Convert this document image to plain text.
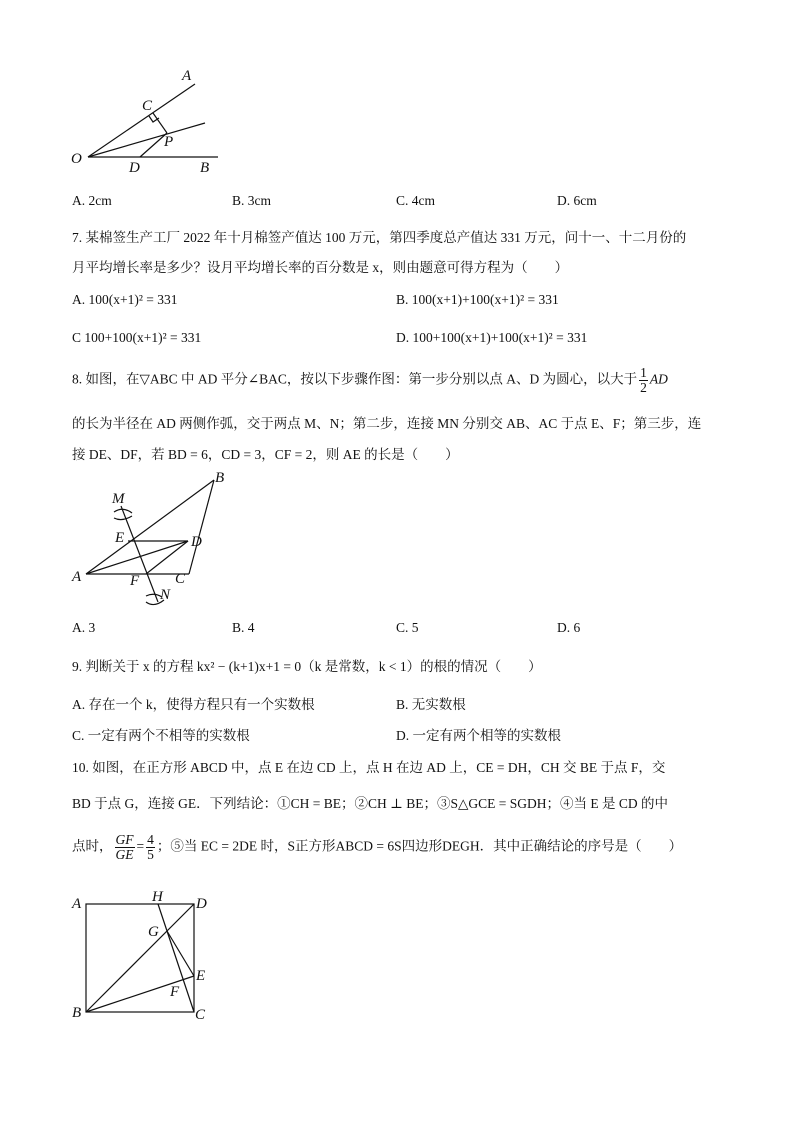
A
C
P
O
D	B
A. 2cm	B. 3cm	C. 4cm	D. 6cm
7. 某棉签生产工厂 2022 年十月棉签产值达 100 万元，第四季度总产值达 331 万元，问十一、十二月份的
月平均增长率是多少？设月平均增长率的百分数是 x，则由题意可得方程为（　　）
A. 100(x+1)² = 331	B. 100(x+1)+100(x+1)² = 331
C 100+100(x+1)² = 331	D. 100+100(x+1)+100(x+1)² = 331
8. 如图，在▽ABC 中 AD 平分∠BAC，按以下步骤作图：第一步分别以点 A、D 为圆心，以大于 $\frac{1}{2}$ AD
的长为半径在 AD 两侧作弧，交于两点 M、N；第二步，连接 MN 分别交 AB、AC 于点 E、F；第三步，连
接 DE、DF，若 BD = 6，CD = 3，CF = 2，则 AE 的长是（　　）
M
B
E	D
A	F C
N
A. 3	B. 4	C. 5	D. 6
9. 判断关于 x 的方程 kx² − (k+1)x+1 = 0（k 是常数，k < 1）的根的情况（　　）
A. 存在一个 k，使得方程只有一个实数根	B. 无实数根
C. 一定有两个不相等的实数根	D. 一定有两个相等的实数根
10. 如图，在正方形 ABCD 中，点 E 在边 CD 上，点 H 在边 AD 上，CE = DH，CH 交 BE 于点 F，交
BD 于点 G，连接 GE．下列结论：①CH = BE；②CH ⊥ BE；③S△GCE = SGDH；④当 E 是 CD 的中
点时， $\frac{GF}{GE} = \frac{4}{5}$ ；⑤当 EC = 2DE 时，S正方形ABCD = 6S四边形DEGH．其中正确结论的序号是（　　）
A	H D
G
E
F
B	C
